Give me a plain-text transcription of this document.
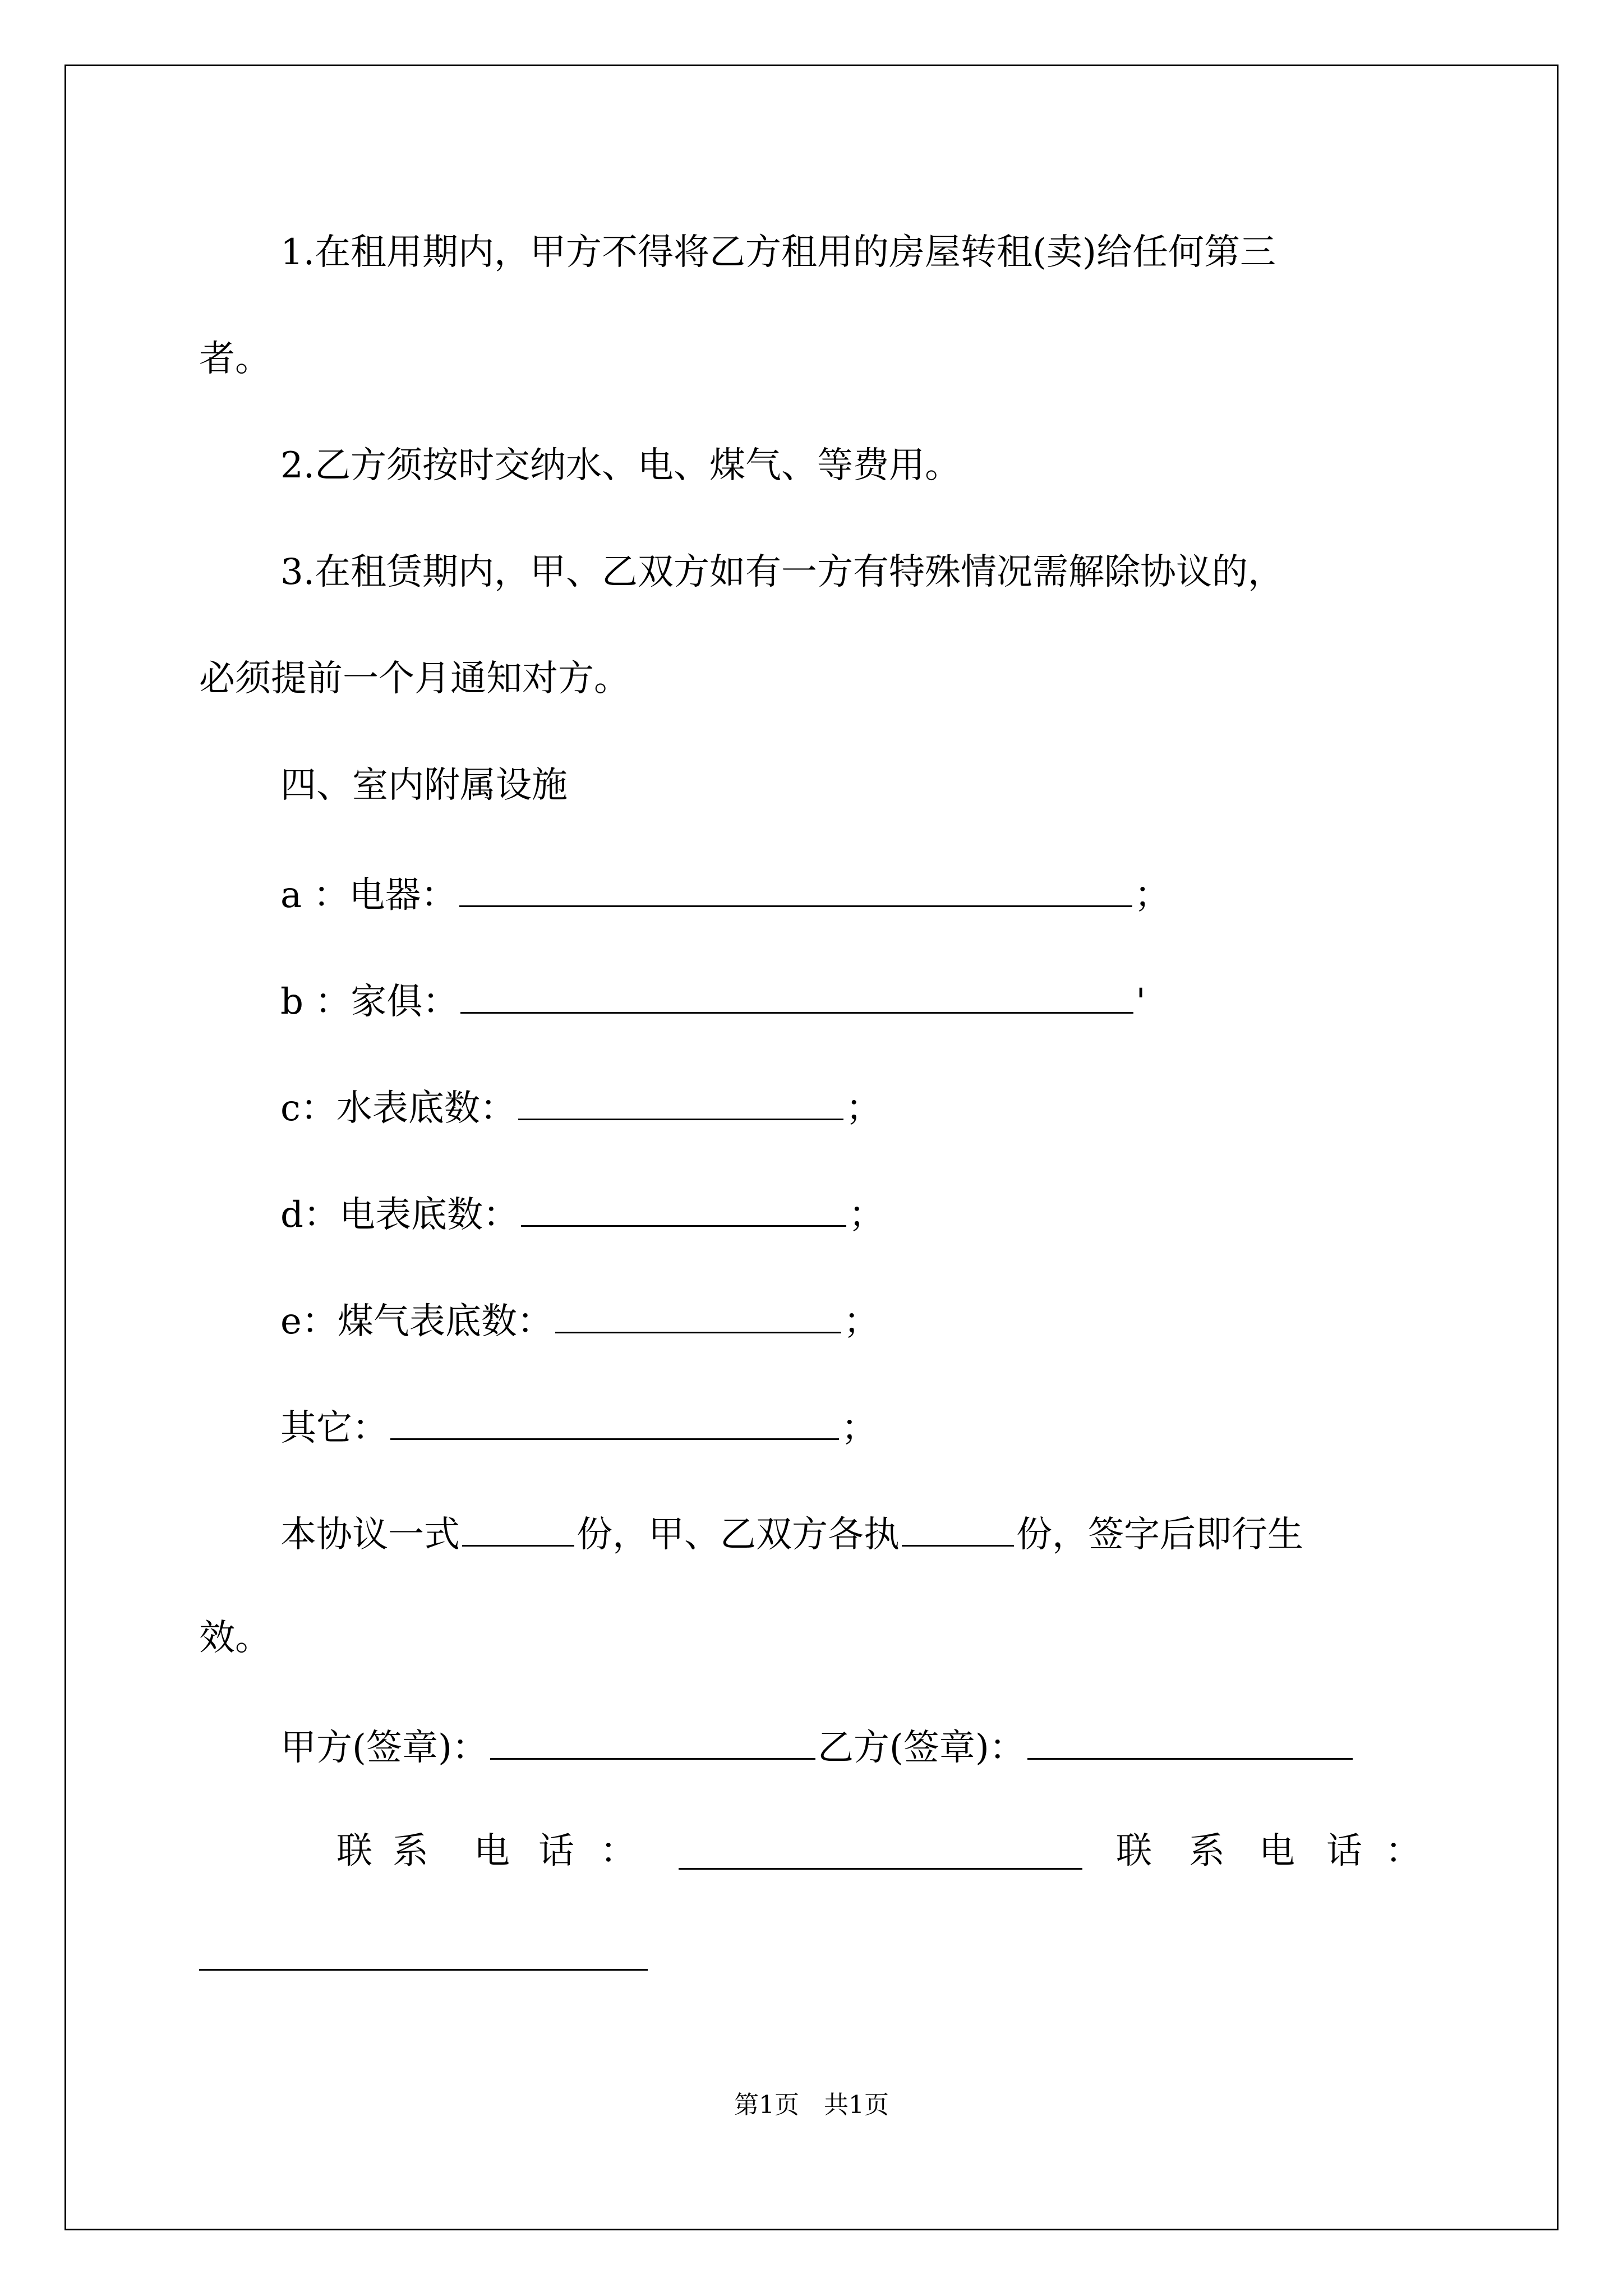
1.在租用期内，甲方不得将乙方租用的房屋转租(卖)给任何第三

者。

2.乙方须按时交纳水、电、煤气、等费用。

3.在租赁期内，甲、乙双方如有一方有特殊情况需解除协议的，

必须提前一个月通知对方。

四、室内附属设施

a ：电器：	；

b ：家俱：	'

c：水表底数：	；

d：电表底数：	；

e：煤气表底数：	；

其它：	；

本协议一式	份，甲、乙双方各执	份，签字后即行生

效。

甲方(签章)：	乙方(签章)：

联 系 电 话 ：	联 系 电 话 ：
第1页　共1页
